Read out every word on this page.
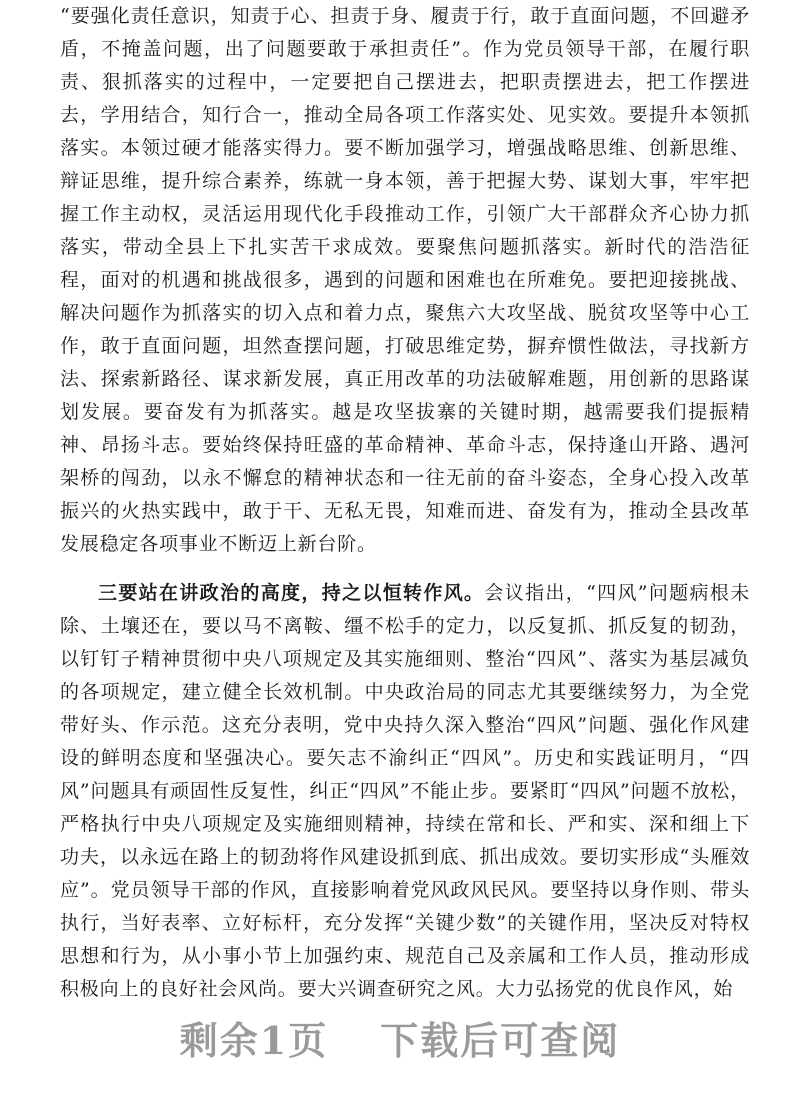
“要强化责任意识，知责于心、担责于身、履责于行，敢于直面问题，不回避矛盾，不掩盖问题，出了问题要敢于承担责任”。作为党员领导干部，在履行职责、狠抓落实的过程中，一定要把自己摆进去，把职责摆进去，把工作摆进去，学用结合，知行合一，推动全局各项工作落实处、见实效。要提升本领抓落实。本领过硬才能落实得力。要不断加强学习，增强战略思维、创新思维、辩证思维，提升综合素养，练就一身本领，善于把握大势、谋划大事，牢牢把握工作主动权，灵活运用现代化手段推动工作，引领广大干部群众齐心协力抓落实，带动全县上下扎实苦干求成效。要聚焦问题抓落实。新时代的浩浩征程，面对的机遇和挑战很多，遇到的问题和困难也在所难免。要把迎接挑战、解决问题作为抓落实的切入点和着力点，聚焦六大攻坚战、脱贫攻坚等中心工作，敢于直面问题，坦然查摆问题，打破思维定势，摒弃惯性做法，寻找新方法、探索新路径、谋求新发展，真正用改革的功法破解难题，用创新的思路谋划发展。要奋发有为抓落实。越是攻坚拔寨的关键时期，越需要我们提振精神、昂扬斗志。要始终保持旺盛的革命精神、革命斗志，保持逢山开路、遇河架桥的闯劲，以永不懈怠的精神状态和一往无前的奋斗姿态，全身心投入改革振兴的火热实践中，敢于干、无私无畏，知难而进、奋发有为，推动全县改革发展稳定各项事业不断迈上新台阶。

三要站在讲政治的高度，持之以恒转作风。会议指出，“四风”问题病根未除、土壤还在，要以马不离鞍、缰不松手的定力，以反复抓、抓反复的韧劲，以钉钉子精神贯彻中央八项规定及其实施细则、整治“四风”、落实为基层减负的各项规定，建立健全长效机制。中央政治局的同志尤其要继续努力，为全党带好头、作示范。这充分表明，党中央持久深入整治“四风”问题、强化作风建设的鲜明态度和坚强决心。要矢志不渝纠正“四风”。历史和实践证明月，“四风”问题具有顽固性反复性，纠正“四风”不能止步。要紧盯“四风”问题不放松，严格执行中央八项规定及实施细则精神，持续在常和长、严和实、深和细上下功夫，以永远在路上的韧劲将作风建设抓到底、抓出成效。要切实形成“头雁效应”。党员领导干部的作风，直接影响着党风政风民风。要坚持以身作则、带头执行，当好表率、立好标杆，充分发挥“关键少数”的关键作用，坚决反对特权思想和行为，从小事小节上加强约束、规范自己及亲属和工作人员，推动形成积极向上的良好社会风尚。要大兴调查研究之风。大力弘扬党的优良作风，始

剩余1页 下载后可查阅
